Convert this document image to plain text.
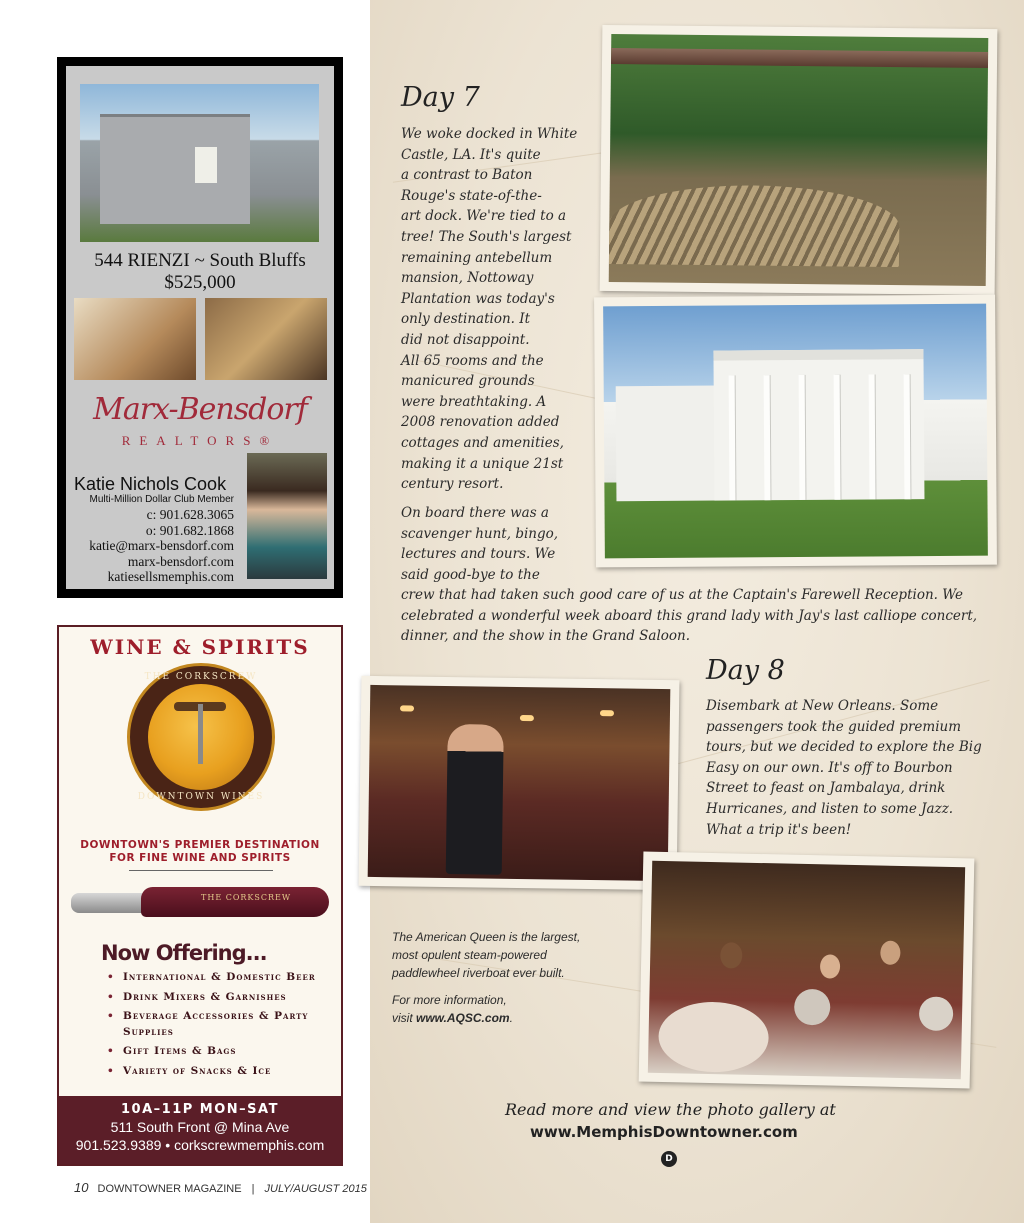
544 RIENZI ~ South Bluffs
$525,000
Marx-Bensdorf
REALTORS®
Katie Nichols Cook
Multi-Million Dollar Club Member
c: 901.628.3065
o: 901.682.1868
katie@marx-bensdorf.com
marx-bensdorf.com
katiesellsmemphis.com
WINE & SPIRITS
THE CORKSCREW
DOWNTOWN WINES
DOWNTOWN'S PREMIER DESTINATION
FOR FINE WINE AND SPIRITS
THE CORKSCREW
Now Offering...
• International & Domestic Beer
• Drink Mixers & Garnishes
• Beverage Accessories & Party Supplies
• Gift Items & Bags
• Variety of Snacks & Ice
10A–11P MON–SAT
511 South Front @ Mina Ave
901.523.9389 • corkscrewmemphis.com
10 DOWNTOWNER MAGAZINE | JULY/AUGUST 2015
Day 7
We woke docked in White
Castle, LA. It's quite
a contrast to Baton
Rouge's state-of-the-
art dock. We're tied to a
tree! The South's largest
remaining antebellum
mansion, Nottoway
Plantation was today's
only destination. It
did not disappoint.
All 65 rooms and the
manicured grounds
were breathtaking. A
2008 renovation added
cottages and amenities,
making it a unique 21st
century resort.
On board there was a
scavenger hunt, bingo,
lectures and tours. We
said good-bye to the
crew that had taken such good care of us at the Captain's Farewell Reception. We
celebrated a wonderful week aboard this grand lady with Jay's last calliope concert,
dinner, and the show in the Grand Saloon.
Day 8
Disembark at New Orleans. Some
passengers took the guided premium
tours, but we decided to explore the Big
Easy on our own. It's off to Bourbon
Street to feast on Jambalaya, drink
Hurricanes, and listen to some Jazz.
What a trip it's been!
The American Queen is the largest,
most opulent steam-powered
paddlewheel riverboat ever built.
For more information,
visit www.AQSC.com.
Read more and view the photo gallery at
www.MemphisDowntowner.com
D
